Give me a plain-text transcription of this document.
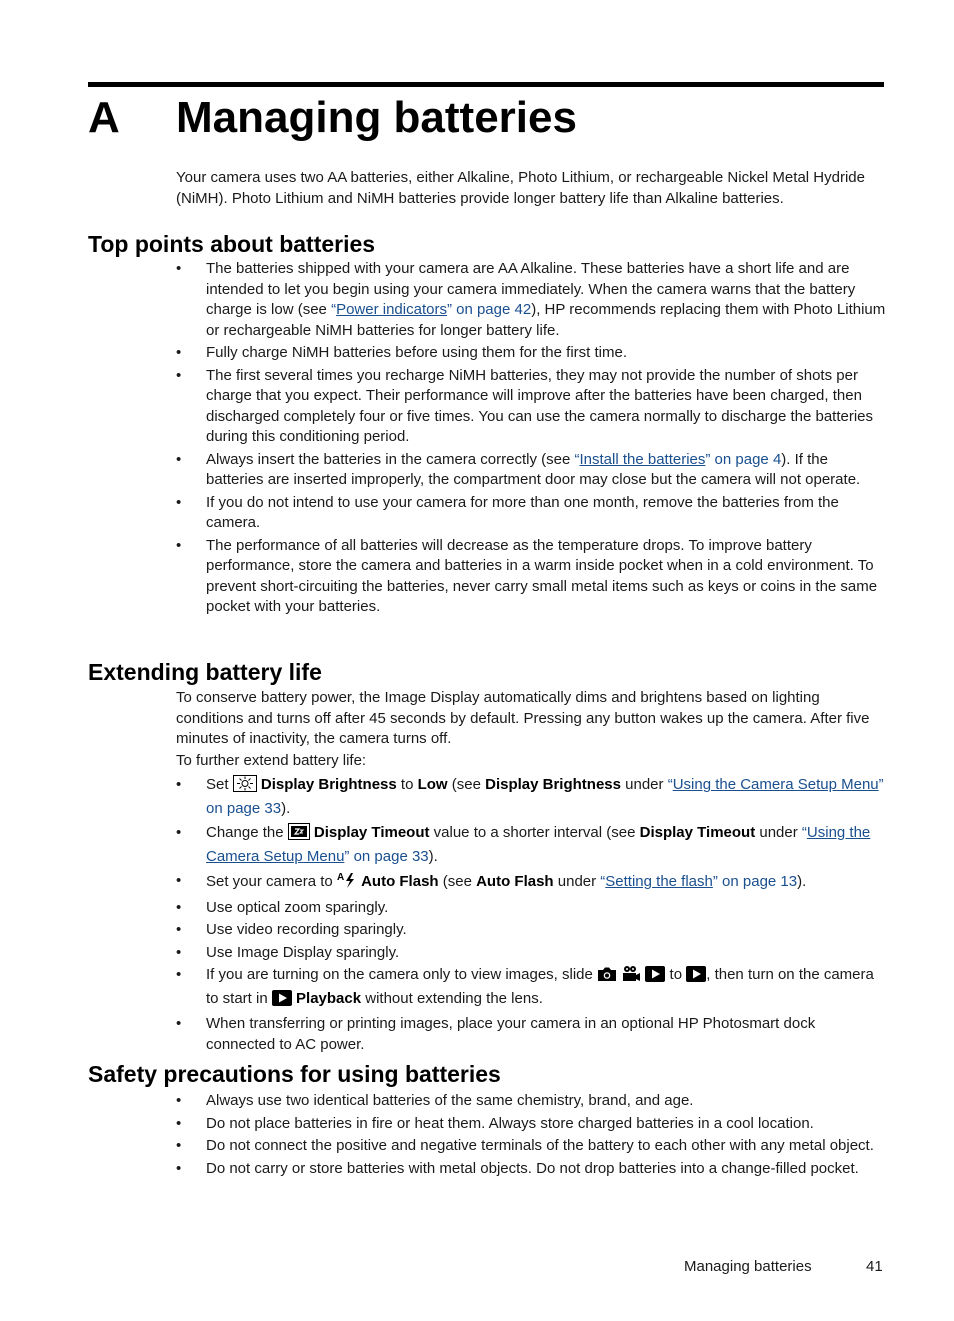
A Managing batteries
Your camera uses two AA batteries, either Alkaline, Photo Lithium, or rechargeable Nickel Metal Hydride (NiMH). Photo Lithium and NiMH batteries provide longer battery life than Alkaline batteries.
Top points about batteries
• The batteries shipped with your camera are AA Alkaline. These batteries have a short life and are intended to let you begin using your camera immediately. When the camera warns that the battery charge is low (see “Power indicators” on page 42), HP recommends replacing them with Photo Lithium or rechargeable NiMH batteries for longer battery life.
• Fully charge NiMH batteries before using them for the first time.
• The first several times you recharge NiMH batteries, they may not provide the number of shots per charge that you expect. Their performance will improve after the batteries have been charged, then discharged completely four or five times. You can use the camera normally to discharge the batteries during this conditioning period.
• Always insert the batteries in the camera correctly (see “Install the batteries” on page 4). If the batteries are inserted improperly, the compartment door may close but the camera will not operate.
• If you do not intend to use your camera for more than one month, remove the batteries from the camera.
• The performance of all batteries will decrease as the temperature drops. To improve battery performance, store the camera and batteries in a warm inside pocket when in a cold environment. To prevent short-circuiting the batteries, never carry small metal items such as keys or coins in the same pocket with your batteries.
Extending battery life
To conserve battery power, the Image Display automatically dims and brightens based on lighting conditions and turns off after 45 seconds by default. Pressing any button wakes up the camera. After five minutes of inactivity, the camera turns off.
To further extend battery life:
• Set  Display Brightness to Low (see Display Brightness under “Using the Camera Setup Menu” on page 33).
• Change the  Display Timeout value to a shorter interval (see Display Timeout under “Using the Camera Setup Menu” on page 33).
• Set your camera to A Auto Flash (see Auto Flash under “Setting the flash” on page 13).
• Use optical zoom sparingly.
• Use video recording sparingly.
• Use Image Display sparingly.
• If you are turning on the camera only to view images, slide	to , then turn on the camera to start in  Playback without extending the lens.
• When transferring or printing images, place your camera in an optional HP Photosmart dock connected to AC power.
Safety precautions for using batteries
• Always use two identical batteries of the same chemistry, brand, and age.
• Do not place batteries in fire or heat them. Always store charged batteries in a cool location.
• Do not connect the positive and negative terminals of the battery to each other with any metal object.
• Do not carry or store batteries with metal objects. Do not drop batteries into a change-filled pocket.
Managing batteries	41
